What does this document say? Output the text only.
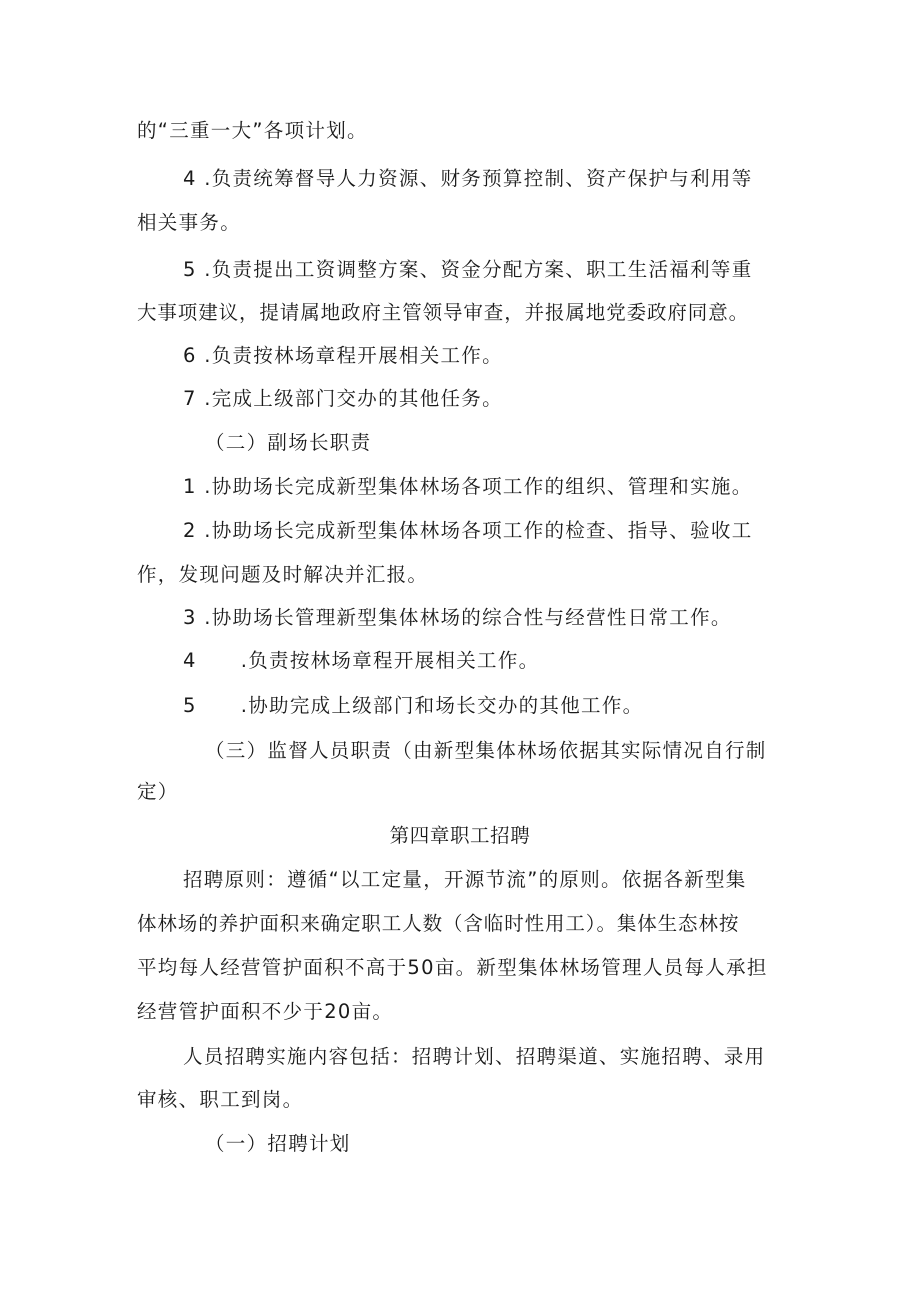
的“三重一大”各项计划。

4 .负责统筹督导人力资源、财务预算控制、资产保护与利用等

相关事务。

5 .负责提出工资调整方案、资金分配方案、职工生活福利等重

大事项建议，提请属地政府主管领导审查，并报属地党委政府同意。

6 .负责按林场章程开展相关工作。

7 .完成上级部门交办的其他任务。

（二）副场长职责

1 .协助场长完成新型集体林场各项工作的组织、管理和实施。

2 .协助场长完成新型集体林场各项工作的检查、指导、验收工

作，发现问题及时解决并汇报。

3 .协助场长管理新型集体林场的综合性与经营性日常工作。

4 .负责按林场章程开展相关工作。

5 .协助完成上级部门和场长交办的其他工作。

（三）监督人员职责（由新型集体林场依据其实际情况自行制

定）

第四章职工招聘

招聘原则：遵循“以工定量，开源节流”的原则。依据各新型集

体林场的养护面积来确定职工人数（含临时性用工）。集体生态林按

平均每人经营管护面积不高于50亩。新型集体林场管理人员每人承担

经营管护面积不少于20亩。

人员招聘实施内容包括：招聘计划、招聘渠道、实施招聘、录用

审核、职工到岗。

（一）招聘计划
